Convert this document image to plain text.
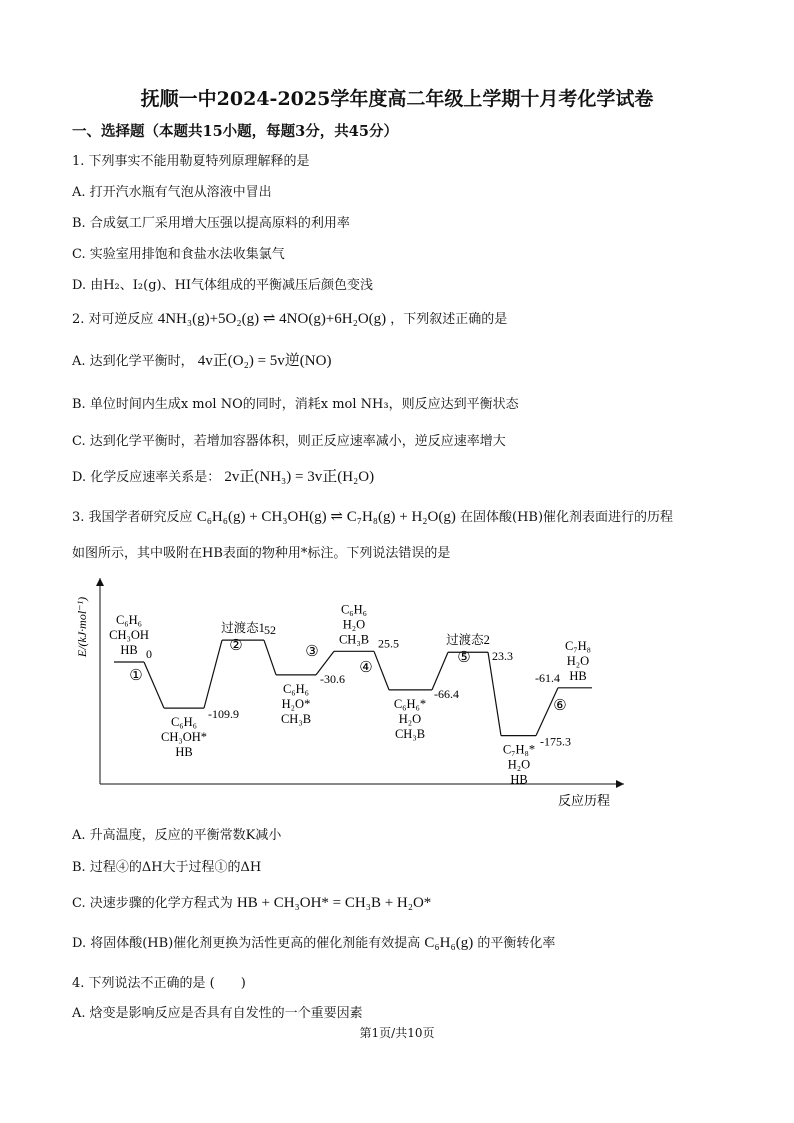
抚顺一中2024-2025学年度高二年级上学期十月考化学试卷
一、选择题（本题共15小题，每题3分，共45分）
1. 下列事实不能用勒夏特列原理解释的是
A. 打开汽水瓶有气泡从溶液中冒出
B. 合成氨工厂采用增大压强以提高原料的利用率
C. 实验室用排饱和食盐水法收集氯气
D. 由H₂、I₂(g)、HI气体组成的平衡减压后颜色变浅
2. 对可逆反应 4NH₃(g)+5O₂(g) ⇌ 4NO(g)+6H₂O(g) ，下列叙述正确的是
A. 达到化学平衡时， 4v正(O₂) = 5v逆(NO)
B. 单位时间内生成x mol NO的同时，消耗x mol NH₃，则反应达到平衡状态
C. 达到化学平衡时，若增加容器体积，则正反应速率减小，逆反应速率增大
D. 化学反应速率关系是： 2v正(NH₃) = 3v正(H₂O)
3. 我国学者研究反应 C₆H₆(g) + CH₃OH(g) ⇌ C₇H₈(g) + H₂O(g) 在固体酸(HB)催化剂表面进行的历程
如图所示，其中吸附在HB表面的物种用*标注。下列说法错误的是
E/(kJ·mol⁻¹)
反应历程
0
-109.9
52
-30.6
25.5
-66.4
23.3
-175.3
-61.4
C₆H₆
CH₃OH
HB
C₆H₆
CH₃OH*
HB
过渡态1
C₆H₆
H₂O*
CH₃B
C₆H₆
H₂O
CH₃B
C₆H₆*
H₂O
CH₃B
过渡态2
C₇H₈*
H₂O
HB
C₇H₈
H₂O
HB
①
②	③
④
⑤
⑥
A. 升高温度，反应的平衡常数K减小
B. 过程④的ΔH大于过程①的ΔH
C. 决速步骤的化学方程式为 HB + CH₃OH* = CH₃B + H₂O*
D. 将固体酸(HB)催化剂更换为活性更高的催化剂能有效提高 C₆H₆(g) 的平衡转化率
4. 下列说法不正确的是 (　　)
A. 焓变是影响反应是否具有自发性的一个重要因素
第1页/共10页
